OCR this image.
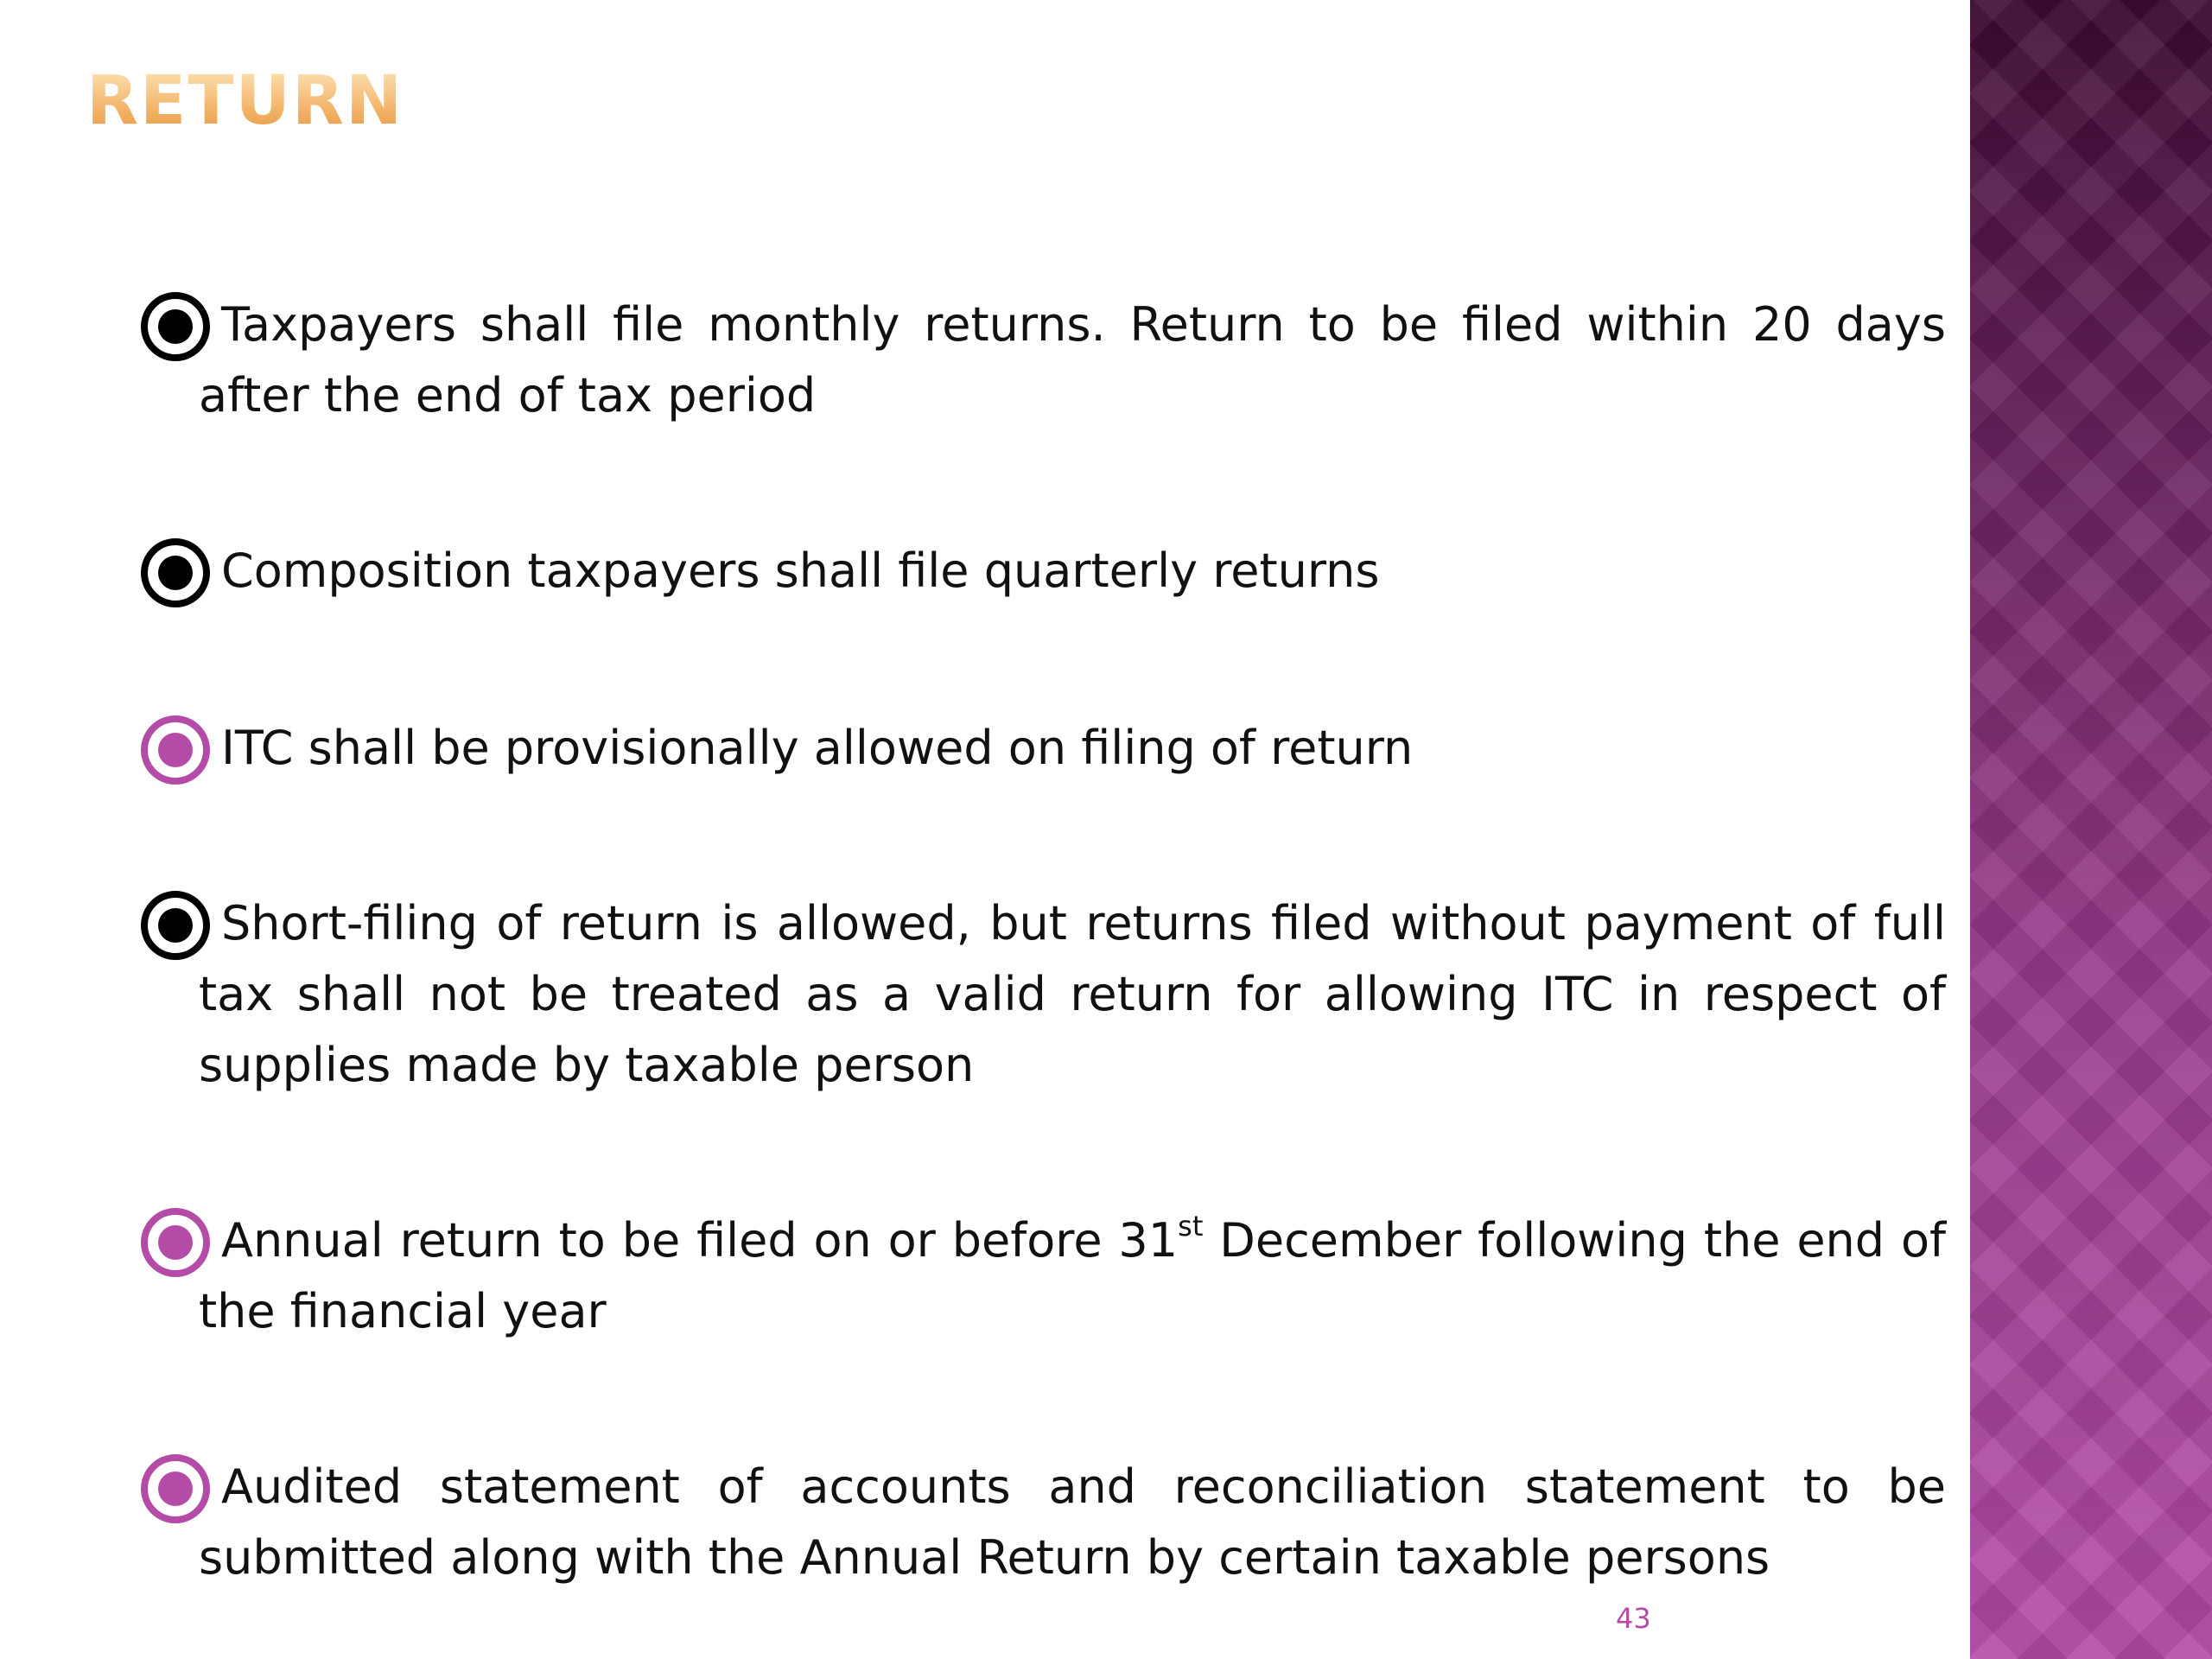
RETURN

Taxpayers shall file monthly returns. Return to be filed within 20 days after the end of tax period

Composition taxpayers shall file quarterly returns

ITC shall be provisionally allowed on filing of return

Short-filing of return is allowed, but returns filed without payment of full tax shall not be treated as a valid return for allowing ITC in respect of supplies made by taxable person

Annual return to be filed on or before 31st December following the end of the financial year

Audited statement of accounts and reconciliation statement to be submitted along with the Annual Return by certain taxable persons

43
